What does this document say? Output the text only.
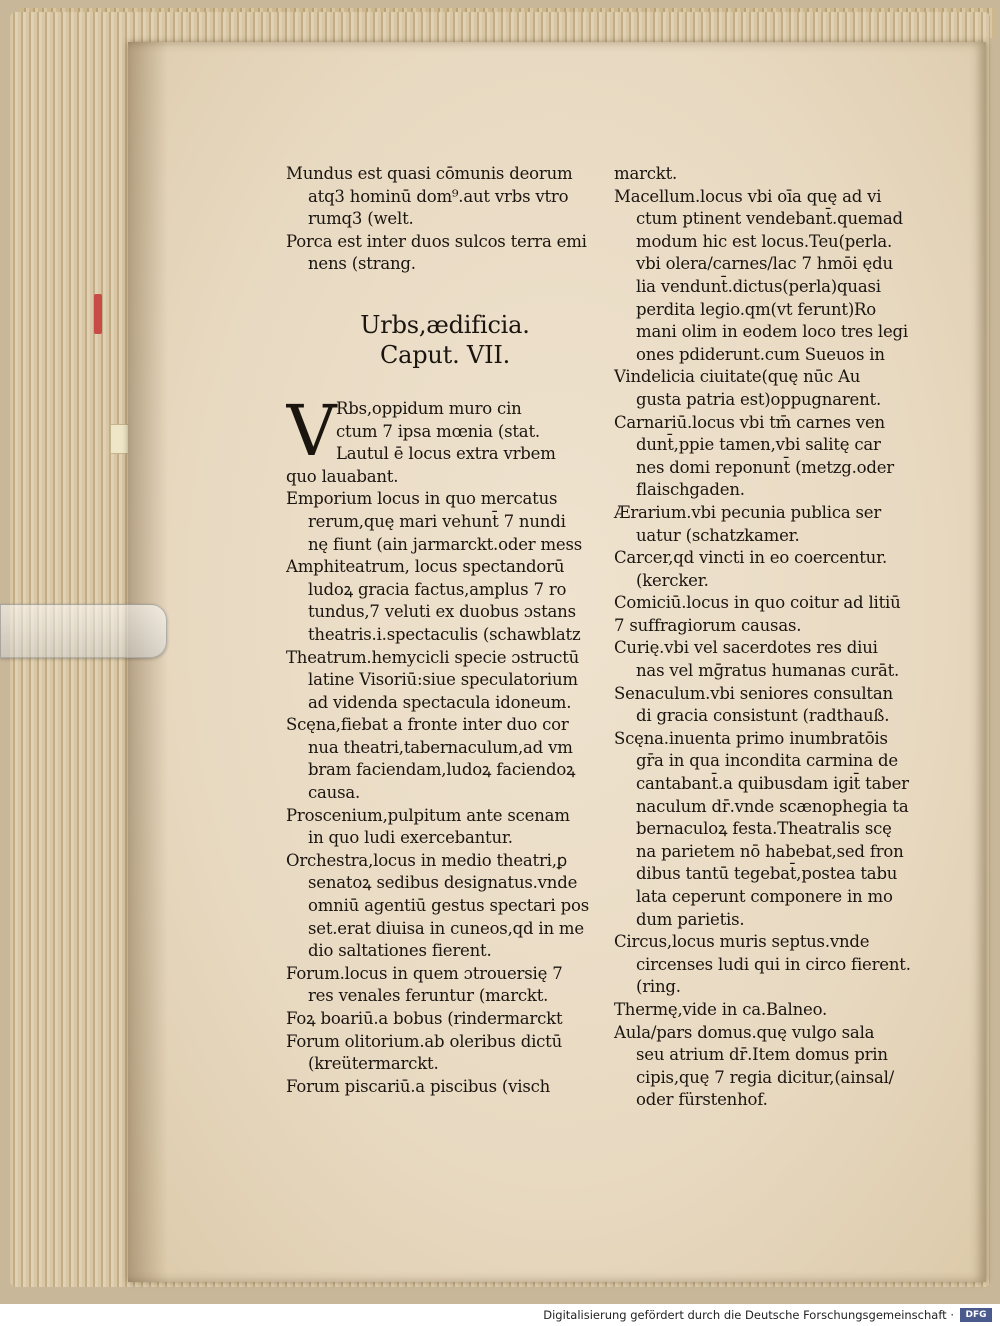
Mundus est quasi cōmunis deorum
atq3 hominū dom⁹.aut vrbs vtro
rumq3 (welt.
Porca est inter duos sulcos terra emi
nens (strang.
Urbs,ædificia.
Caput. VII.
V Rbs,oppidum muro cin
ctum 7 ipsa mœnia (stat.
Lautul ē locus extra vrbem
quo lauabant.
Emporium locus in quo mercatus
rerum,quę mari vehunt̄ 7 nundi
nę fiunt (ain jarmarckt.oder mess
Amphiteatrum, locus spectandorū
ludoꝝ gracia factus,amplus 7 ro
tundus,7 veluti ex duobus ɔstans
theatris.i.spectaculis (schawblatz
Theatrum.hemycicli specie ɔstructū
latine Visoriū:siue speculatorium
ad videnda spectacula idoneum.
Scęna,fiebat a fronte inter duo cor
nua theatri,tabernaculum,ad vm
bram faciendam,ludoꝝ faciendoꝝ
causa.
Proscenium,pulpitum ante scenam
in quo ludi exercebantur.
Orchestra,locus in medio theatri,ꝑ
senatoꝝ sedibus designatus.vnde
omniū agentiū gestus spectari pos
set.erat diuisa in cuneos,qd in me
dio saltationes fierent.
Forum.locus in quem ɔtrouersię 7
res venales feruntur (marckt.
Foꝝ boariū.a bobus (rindermarckt
Forum olitorium.ab oleribus dictū
(kreütermarckt.
Forum piscariū.a piscibus (visch
marckt.
Macellum.locus vbi oīa quę ad vi
ctum ptinent vendebant̄.quemad
modum hic est locus.Teu(perla.
vbi olera/carnes/lac 7 hmōi ędu
lia vendunt̄.dictus(perla)quasi
perdita legio.qm(vt ferunt)Ro
mani olim in eodem loco tres legi
ones pdiderunt.cum Sueuos in
Vindelicia ciuitate(quę nūc Au
gusta patria est)oppugnarent.
Carnariū.locus vbi tm̄ carnes ven
dunt̄,ppie tamen,vbi salitę car
nes domi reponunt̄ (metzg.oder
flaischgaden.
Ærarium.vbi pecunia publica ser
uatur (schatzkamer.
Carcer,qd vincti in eo coercentur.
(kercker.
Comiciū.locus in quo coitur ad litiū
7 suffragiorum causas.
Curię.vbi vel sacerdotes res diui
nas vel mḡratus humanas curāt.
Senaculum.vbi seniores consultan
di gracia consistunt (radthauß.
Scęna.inuenta primo inumbratōis
gr̄a in qua incondita carmina de
cantabant̄.a quibusdam igit̄ taber
naculum dr̄.vnde scænophegia ta
bernaculoꝝ festa.Theatralis scę
na parietem nō habebat,sed fron
dibus tantū tegebat̄,postea tabu
lata ceperunt componere in mo
dum parietis.
Circus,locus muris septus.vnde
circenses ludi qui in circo fierent.
(ring.
Thermę,vide in ca.Balneo.
Aula/pars domus.quę vulgo sala
seu atrium dr̄.Item domus prin
cipis,quę 7 regia dicitur,(ainsal/
oder fürstenhof.
Digitalisierung gefördert durch die Deutsche Forschungsgemeinschaft ·	DFG
